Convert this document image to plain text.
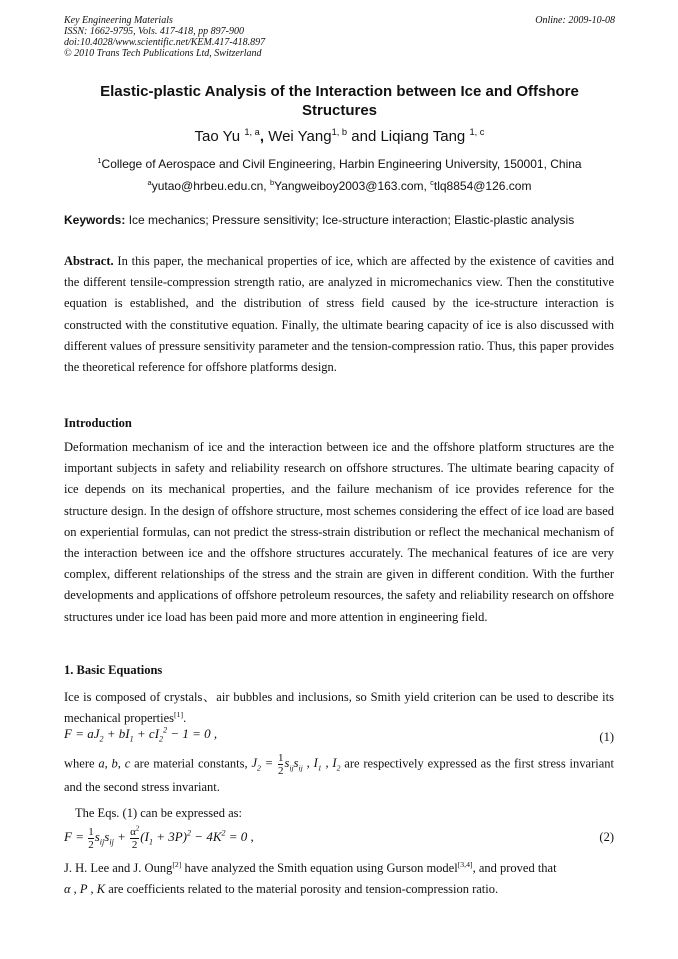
Key Engineering Materials
ISSN: 1662-9795, Vols. 417-418, pp 897-900
doi:10.4028/www.scientific.net/KEM.417-418.897
© 2010 Trans Tech Publications Ltd, Switzerland
Online: 2009-10-08
Elastic-plastic Analysis of the Interaction between Ice and Offshore Structures
Tao Yu $^{1, a}$, Wei Yang$^{1, b}$ and Liqiang Tang $^{1, c}$
$^1$College of Aerospace and Civil Engineering, Harbin Engineering University, 150001, China
$^a$yutao@hrbeu.edu.cn, $^b$Yangweiboy2003@163.com, $^c$tlq8854@126.com
Keywords: Ice mechanics; Pressure sensitivity; Ice-structure interaction; Elastic-plastic analysis
Abstract. In this paper, the mechanical properties of ice, which are affected by the existence of cavities and the different tensile-compression strength ratio, are analyzed in micromechanics view. Then the constitutive equation is established, and the distribution of stress field caused by the ice-structure interaction is constructed with the constitutive equation. Finally, the ultimate bearing capacity of ice is also discussed with different values of pressure sensitivity parameter and the tension-compression ratio. Thus, this paper provides the theoretical reference for offshore platforms design.
Introduction
Deformation mechanism of ice and the interaction between ice and the offshore platform structures are the important subjects in safety and reliability research on offshore structures. The ultimate bearing capacity of ice depends on its mechanical properties, and the failure mechanism of ice provides reference for the structure design. In the design of offshore structure, most schemes considering the effect of ice load are based on experiential formulas, can not predict the stress-strain distribution or reflect the mechanical mechanism of the interaction between ice and the offshore structures accurately. The mechanical features of ice are very complex, different relationships of the stress and the strain are given in different condition. With the further developments and applications of offshore petroleum resources, the safety and reliability research on offshore structures under ice load has been paid more and more attention in engineering field.
1. Basic Equations
Ice is composed of crystals、air bubbles and inclusions, so Smith yield criterion can be used to describe its mechanical properties[1].
$F = aJ_2 + bI_1 + cI_2^2 - 1 = 0$ ,	(1)
where a, b, c are material constants, $J_2 = \frac{1}{2} s_{ij}s_{ij}$ , $I_1$ , $I_2$ are respectively expressed as the first stress invariant and the second stress invariant.
The Eqs. (1) can be expressed as:
$F = \frac{1}{2} s_{ij}s_{ij} + \frac{\alpha^2}{2} (I_1 + 3P)^2 - 4K^2 = 0$ ,	(2)
J. H. Lee and J. Oung[2] have analyzed the Smith equation using Gurson model[3,4], and proved that
α , P , K are coefficients related to the material porosity and tension-compression ratio.
